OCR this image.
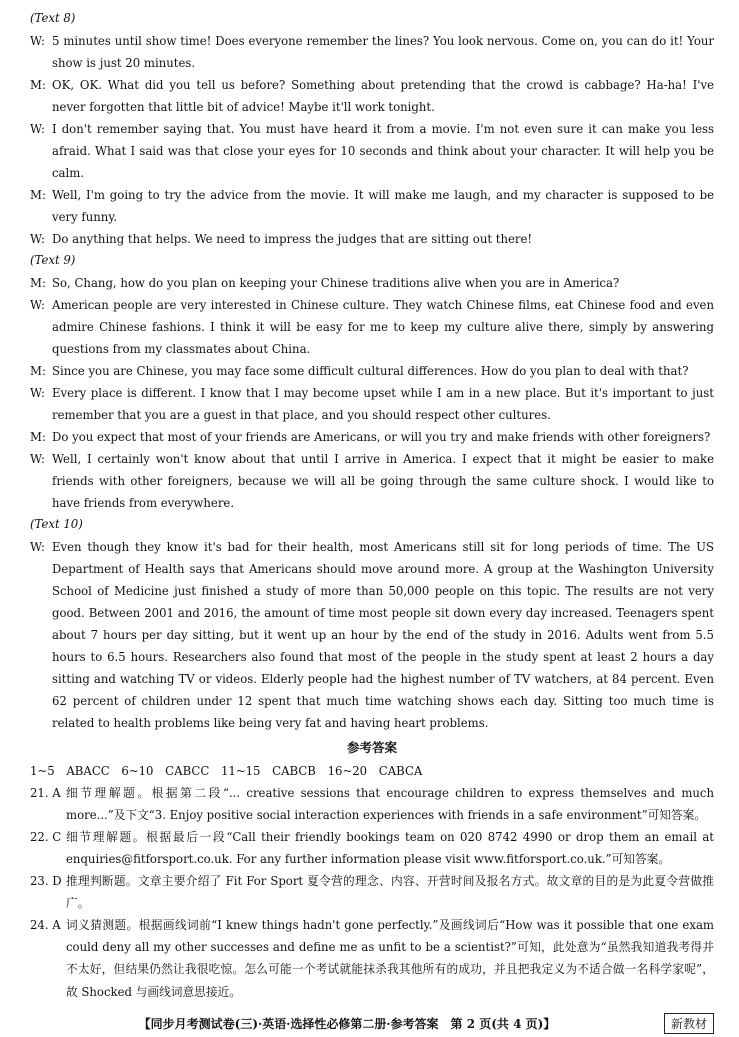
(Text 8)
W: 5 minutes until show time! Does everyone remember the lines? You look nervous. Come on, you can do it! Your show is just 20 minutes.
M: OK, OK. What did you tell us before? Something about pretending that the crowd is cabbage? Ha-ha! I've never forgotten that little bit of advice! Maybe it'll work tonight.
W: I don't remember saying that. You must have heard it from a movie. I'm not even sure it can make you less afraid. What I said was that close your eyes for 10 seconds and think about your character. It will help you be calm.
M: Well, I'm going to try the advice from the movie. It will make me laugh, and my character is supposed to be very funny.
W: Do anything that helps. We need to impress the judges that are sitting out there!
(Text 9)
M: So, Chang, how do you plan on keeping your Chinese traditions alive when you are in America?
W: American people are very interested in Chinese culture. They watch Chinese films, eat Chinese food and even admire Chinese fashions. I think it will be easy for me to keep my culture alive there, simply by answering questions from my classmates about China.
M: Since you are Chinese, you may face some difficult cultural differences. How do you plan to deal with that?
W: Every place is different. I know that I may become upset while I am in a new place. But it's important to just remember that you are a guest in that place, and you should respect other cultures.
M: Do you expect that most of your friends are Americans, or will you try and make friends with other foreigners?
W: Well, I certainly won't know about that until I arrive in America. I expect that it might be easier to make friends with other foreigners, because we will all be going through the same culture shock. I would like to have friends from everywhere.
(Text 10)
W: Even though they know it's bad for their health, most Americans still sit for long periods of time. The US Department of Health says that Americans should move around more. A group at the Washington University School of Medicine just finished a study of more than 50,000 people on this topic. The results are not very good. Between 2001 and 2016, the amount of time most people sit down every day increased. Teenagers spent about 7 hours per day sitting, but it went up an hour by the end of the study in 2016. Adults went from 5.5 hours to 6.5 hours. Researchers also found that most of the people in the study spent at least 2 hours a day sitting and watching TV or videos. Elderly people had the highest number of TV watchers, at 84 percent. Even 62 percent of children under 12 spent that much time watching shows each day. Sitting too much time is related to health problems like being very fat and having heart problems.
参考答案
1~5　ABACC　6~10　CABCC　11~15　CABCB　16~20　CABCA
21. A 细节理解题。根据第二段“... creative sessions that encourage children to express themselves and much more...”及下文“3. Enjoy positive social interaction experiences with friends in a safe environment”可知答案。
22. C 细节理解题。根据最后一段“Call their friendly bookings team on 020 8742 4990 or drop them an email at enquiries@fitforsport.co.uk. For any further information please visit www.fitforsport.co.uk.”可知答案。
23. D 推理判断题。文章主要介绍了 Fit For Sport 夏令营的理念、内容、开营时间及报名方式。故文章的目的是为此夏令营做推广。
24. A 词义猜测题。根据画线词前“I knew things hadn't gone perfectly.”及画线词后“How was it possible that one exam could deny all my other successes and define me as unfit to be a scientist?”可知，此处意为“虽然我知道我考得并不太好，但结果仍然让我很吃惊。怎么可能一个考试就能抹杀我其他所有的成功，并且把我定义为不适合做一名科学家呢”，故 Shocked 与画线词意思接近。
【同步月考测试卷(三)·英语·选择性必修第二册·参考答案　第 2 页(共 4 页)】	新教材
